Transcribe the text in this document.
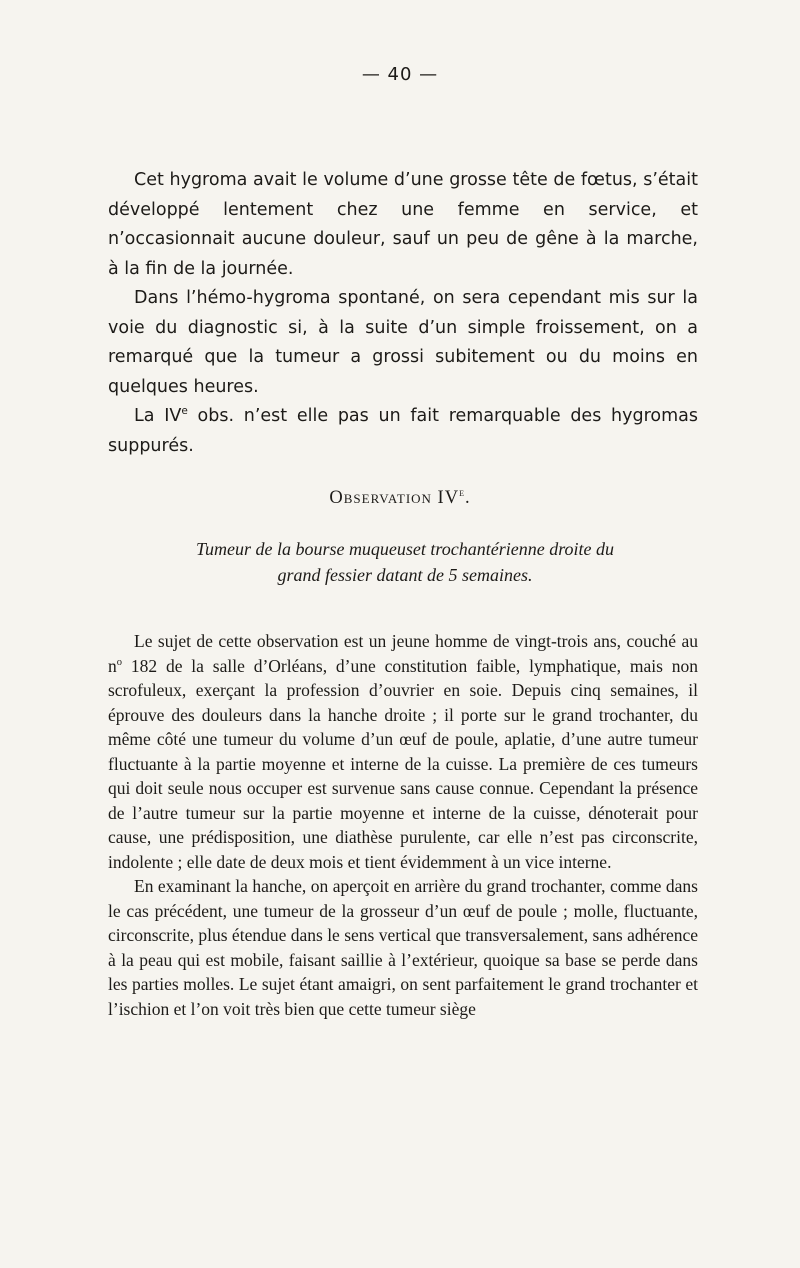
— 40 —

Cet hygroma avait le volume d’une grosse tête de fœtus, s’était développé lentement chez une femme en service, et n’occasionnait aucune douleur, sauf un peu de gêne à la marche, à la fin de la journée.

Dans l’hémo-hygroma spontané, on sera cependant mis sur la voie du diagnostic si, à la suite d’un simple froissement, on a remarqué que la tumeur a grossi subitement ou du moins en quelques heures.

La IVe obs. n’est elle pas un fait remarquable des hygromas suppurés.

Observation IVe.
Tumeur de la bourse muqueuset trochantérienne droite du
grand fessier datant de 5 semaines.

Le sujet de cette observation est un jeune homme de vingt-trois ans, couché au $n^o$ 182 de la salle d’Orléans, d’une constitution faible, lymphatique, mais non scrofuleux, exerçant la profession d’ouvrier en soie. Depuis cinq semaines, il éprouve des douleurs dans la hanche droite ; il porte sur le grand trochanter, du même côté une tumeur du volume d’un œuf de poule, aplatie, d’une autre tumeur fluctuante à la partie moyenne et interne de la cuisse. La première de ces tumeurs qui doit seule nous occuper est survenue sans cause connue. Cependant la présence de l’autre tumeur sur la partie moyenne et interne de la cuisse, dénoterait pour cause, une prédisposition, une diathèse purulente, car elle n’est pas circonscrite, indolente ; elle date de deux mois et tient évidemment à un vice interne.

En examinant la hanche, on aperçoit en arrière du grand trochanter, comme dans le cas précédent, une tumeur de la grosseur d’un œuf de poule ; molle, fluctuante, circonscrite, plus étendue dans le sens vertical que transversalement, sans adhérence à la peau qui est mobile, faisant saillie à l’extérieur, quoique sa base se perde dans les parties molles. Le sujet étant amaigri, on sent parfaitement le grand trochanter et l’ischion et l’on voit très bien que cette tumeur siège
